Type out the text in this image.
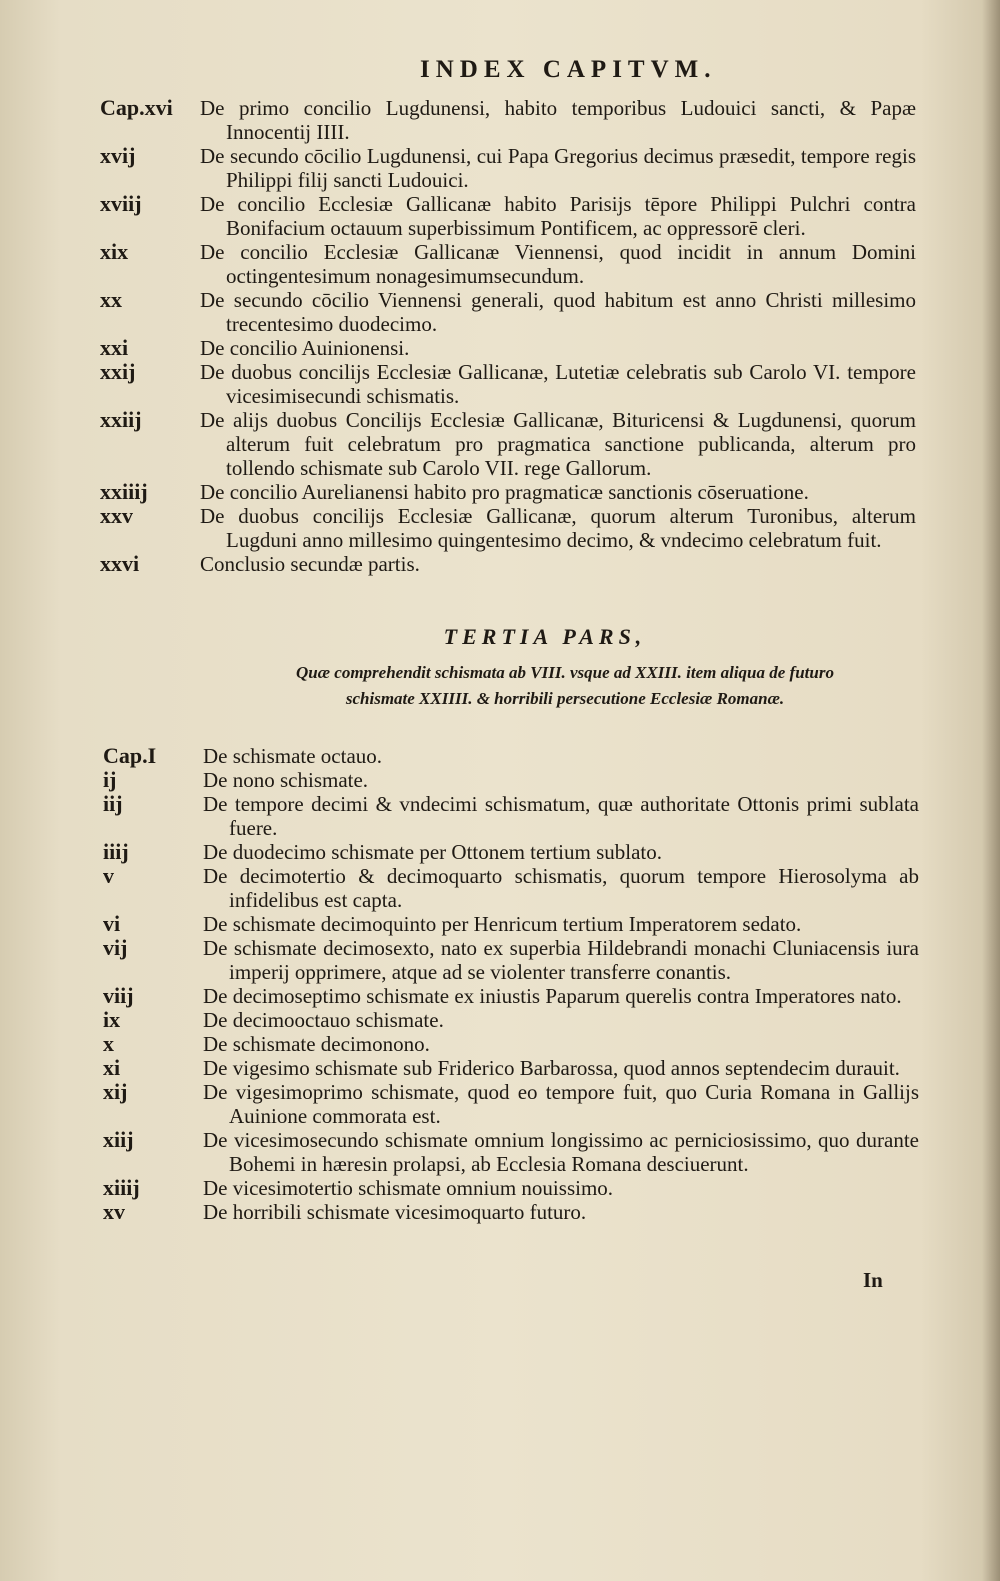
INDEX CAPITVM.
Cap.xvi	De primo concilio Lugdunensi, habito temporibus Ludouici sancti, & Papæ Innocentij IIII.
xvij	De secundo cōcilio Lugdunensi, cui Papa Gregorius decimus præsedit, tempore regis Philippi filij sancti Ludouici.
xviij	De concilio Ecclesiæ Gallicanæ habito Parisijs tēpore Philippi Pulchri contra Bonifacium octauum superbissimum Pontificem, ac oppressorē cleri.
xix	De concilio Ecclesiæ Gallicanæ Viennensi, quod incidit in annum Domini octingentesimum nonagesimumsecundum.
xx	De secundo cōcilio Viennensi generali, quod habitum est anno Christi millesimo trecentesimo duodecimo.
xxi	De concilio Auinionensi.
xxij	De duobus concilijs Ecclesiæ Gallicanæ, Lutetiæ celebratis sub Carolo VI. tempore vicesimisecundi schismatis.
xxiij	De alijs duobus Concilijs Ecclesiæ Gallicanæ, Bituricensi & Lugdunensi, quorum alterum fuit celebratum pro pragmatica sanctione publicanda, alterum pro tollendo schismate sub Carolo VII. rege Gallorum.
xxiiij	De concilio Aurelianensi habito pro pragmaticæ sanctionis cōseruatione.
xxv	De duobus concilijs Ecclesiæ Gallicanæ, quorum alterum Turonibus, alterum Lugduni anno millesimo quingentesimo decimo, & vndecimo celebratum fuit.
xxvi	Conclusio secundæ partis.
TERTIA PARS,
Quæ comprehendit schismata ab VIII. vsque ad XXIII. item aliqua de futuro schismate XXIIII. & horribili persecutione Ecclesiæ Romanæ.
Cap.I	De schismate octauo.
ij	De nono schismate.
iij	De tempore decimi & vndecimi schismatum, quæ authoritate Ottonis primi sublata fuere.
iiij	De duodecimo schismate per Ottonem tertium sublato.
v	De decimotertio & decimoquarto schismatis, quorum tempore Hierosolyma ab infidelibus est capta.
vi	De schismate decimoquinto per Henricum tertium Imperatorem sedato.
vij	De schismate decimosexto, nato ex superbia Hildebrandi monachi Cluniacensis iura imperij opprimere, atque ad se violenter transferre conantis.
viij	De decimoseptimo schismate ex iniustis Paparum querelis contra Imperatores nato.
ix	De decimooctauo schismate.
x	De schismate decimonono.
xi	De vigesimo schismate sub Friderico Barbarossa, quod annos septendecim durauit.
xij	De vigesimoprimo schismate, quod eo tempore fuit, quo Curia Romana in Gallijs Auinione commorata est.
xiij	De vicesimosecundo schismate omnium longissimo ac perniciosissimo, quo durante Bohemi in hæresin prolapsi, ab Ecclesia Romana desciuerunt.
xiiij	De vicesimotertio schismate omnium nouissimo.
xv	De horribili schismate vicesimoquarto futuro.
In
